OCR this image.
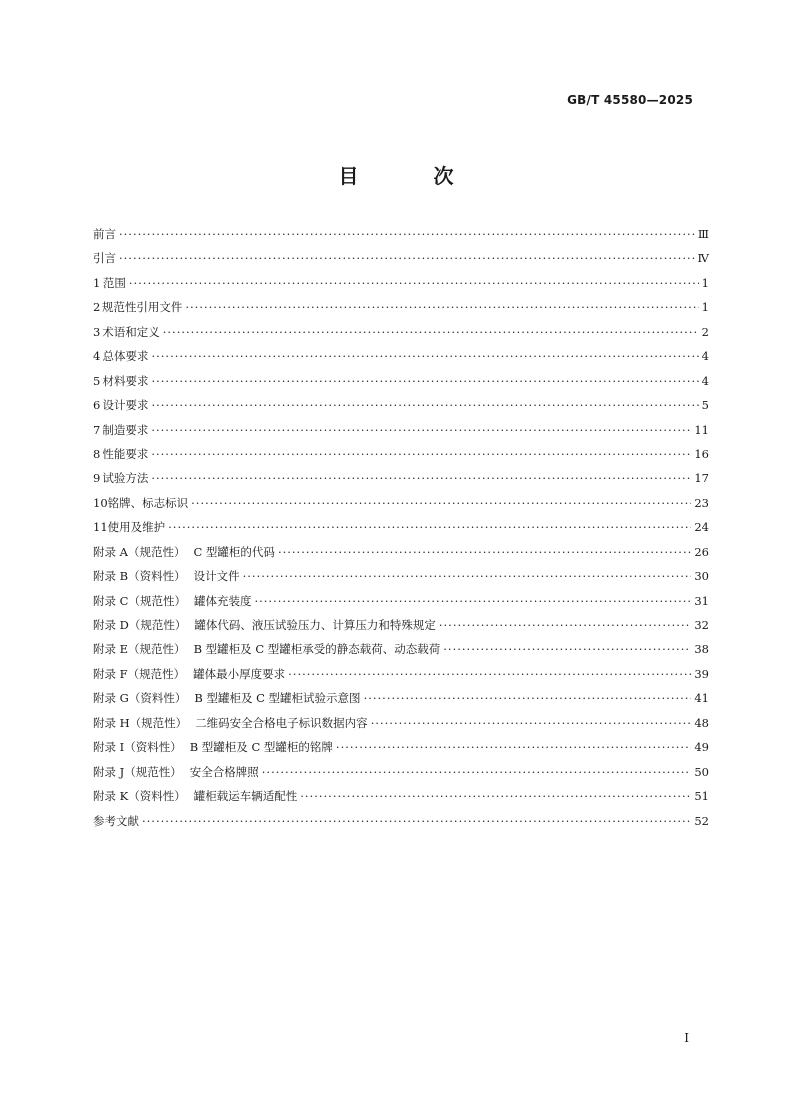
GB/T 45580—2025
目 次
前言 ·····	Ⅲ
引言 ·····	Ⅳ
1 范围 ·····	1
2 规范性引用文件 ·····	1
3 术语和定义 ·····	2
4 总体要求 ·····	4
5 材料要求 ·····	4
6 设计要求 ·····	5
7 制造要求 ·····	11
8 性能要求 ·····	16
9 试验方法 ·····	17
10 铭牌、标志标识 ·····	23
11 使用及维护 ·····	24
附录 A（规范性） C 型罐柜的代码 ·····	26
附录 B（资料性） 设计文件 ·····	30
附录 C（规范性） 罐体充装度 ·····	31
附录 D（规范性） 罐体代码、液压试验压力、计算压力和特殊规定 ·····	32
附录 E（规范性） B 型罐柜及 C 型罐柜承受的静态载荷、动态载荷 ·····	38
附录 F（规范性） 罐体最小厚度要求 ·····	39
附录 G（资料性） B 型罐柜及 C 型罐柜试验示意图 ·····	41
附录 H（规范性） 二维码安全合格电子标识数据内容 ·····	48
附录 I（资料性） B 型罐柜及 C 型罐柜的铭牌 ·····	49
附录 J（规范性） 安全合格牌照 ·····	50
附录 K（资料性） 罐柜载运车辆适配性 ·····	51
参考文献 ·····	52
I
